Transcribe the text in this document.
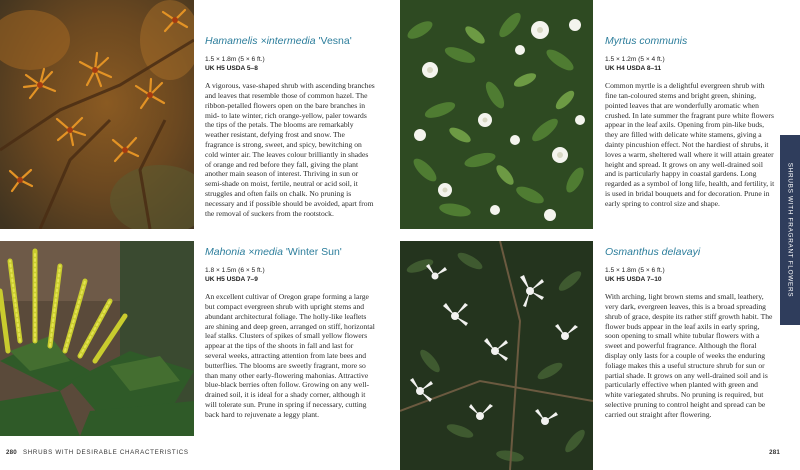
Hamamelis ×intermedia 'Vesna'
1.5 × 1.8m (5 × 6 ft.)
UK H5 USDA 5–8

A vigorous, vase-shaped shrub with ascending branches and leaves that resemble those of common hazel. The ribbon-petalled flowers open on the bare branches in mid- to late winter, rich orange-yellow, paler towards the tips of the petals. The blooms are remarkably weather resistant, defying frost and snow. The fragrance is strong, sweet, and spicy, bewitching on cold winter air. The leaves colour brilliantly in shades of orange and red before they fall, giving the plant another main season of interest. Thriving in sun or semi-shade on moist, fertile, neutral or acid soil, it struggles and often fails on chalk. No pruning is necessary and if possible should be avoided, apart from the removal of suckers from the rootstock.

Mahonia ×media 'Winter Sun'
1.8 × 1.5m (6 × 5 ft.)
UK H5 USDA 7–9

An excellent cultivar of Oregon grape forming a large but compact evergreen shrub with upright stems and abundant architectural foliage. The holly-like leaflets are shining and deep green, arranged on stiff, horizontal leaf stalks. Clusters of spikes of small yellow flowers appear at the tips of the shoots in fall and last for several weeks, attracting attention from late bees and butterflies. The blooms are sweetly fragrant, more so than many other early-flowering mahonias. Attractive blue-black berries often follow. Growing on any well-drained soil, it is ideal for a shady corner, although it will tolerate sun. Prune in spring if necessary, cutting back hard to rejuvenate a leggy plant.

280 SHRUBS WITH DESIRABLE CHARACTERISTICS
Myrtus communis
1.5 × 1.2m (5 × 4 ft.)
UK H4 USDA 8–11

Common myrtle is a delightful evergreen shrub with fine tan-coloured stems and bright green, shining, pointed leaves that are wonderfully aromatic when crushed. In late summer the fragrant pure white flowers appear in the leaf axils. Opening from pin-like buds, they are filled with delicate white stamens, giving a dainty pincushion effect. Not the hardiest of shrubs, it loves a warm, sheltered wall where it will attain greater height and spread. It grows on any well-drained soil and is particularly happy in coastal gardens. Long regarded as a symbol of long life, health, and fertility, it is used in bridal bouquets and for decoration. Prune in early spring to control size and shape.

Osmanthus delavayi
1.5 × 1.8m (5 × 6 ft.)
UK H5 USDA 7–10

With arching, light brown stems and small, leathery, very dark, evergreen leaves, this is a broad spreading shrub of grace, despite its rather stiff growth habit. The flower buds appear in the leaf axils in early spring, soon opening to small white tubular flowers with a sweet and powerful fragrance. Although the floral display only lasts for a couple of weeks the enduring foliage makes this a useful structure shrub for sun or partial shade. It grows on any well-drained soil and is particularly effective when planted with green and white variegated shrubs. No pruning is required, but selective pruning to control height and spread can be carried out straight after flowering.

281
SHRUBS WITH FRAGRANT FLOWERS
